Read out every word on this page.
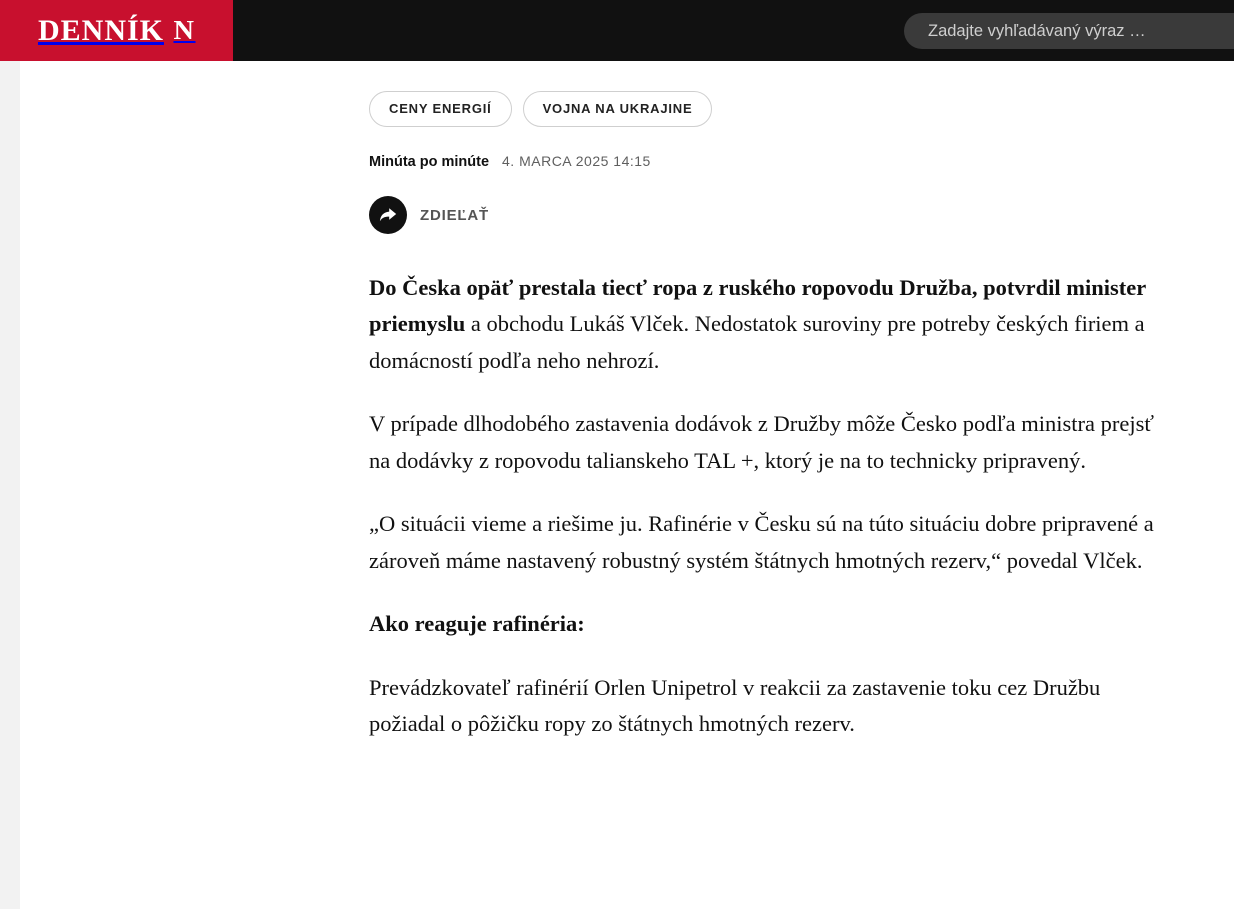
DENNÍK N
Zadajte vyhľadávaný výraz …
CENY ENERGIÍ	VOJNA NA UKRAJINE
Minúta po minúte 4. MARCA 2025 14:15
ZDIEĽAŤ

Do Česka opäť prestala tiecť ropa z ruského ropovodu Družba, potvrdil minister priemyslu a obchodu Lukáš Vlček. Nedostatok suroviny pre potreby českých firiem a domácností podľa neho nehrozí.

V prípade dlhodobého zastavenia dodávok z Družby môže Česko podľa ministra prejsť na dodávky z ropovodu talianskeho TAL +, ktorý je na to technicky pripravený.

„O situácii vieme a riešime ju. Rafinérie v Česku sú na túto situáciu dobre pripravené a zároveň máme nastavený robustný systém štátnych hmotných rezerv,“ povedal Vlček.

Ako reaguje rafinéria:

Prevádzkovateľ rafinérií Orlen Unipetrol v reakcii za zastavenie toku cez Družbu požiadal o pôžičku ropy zo štátnych hmotných rezerv.
